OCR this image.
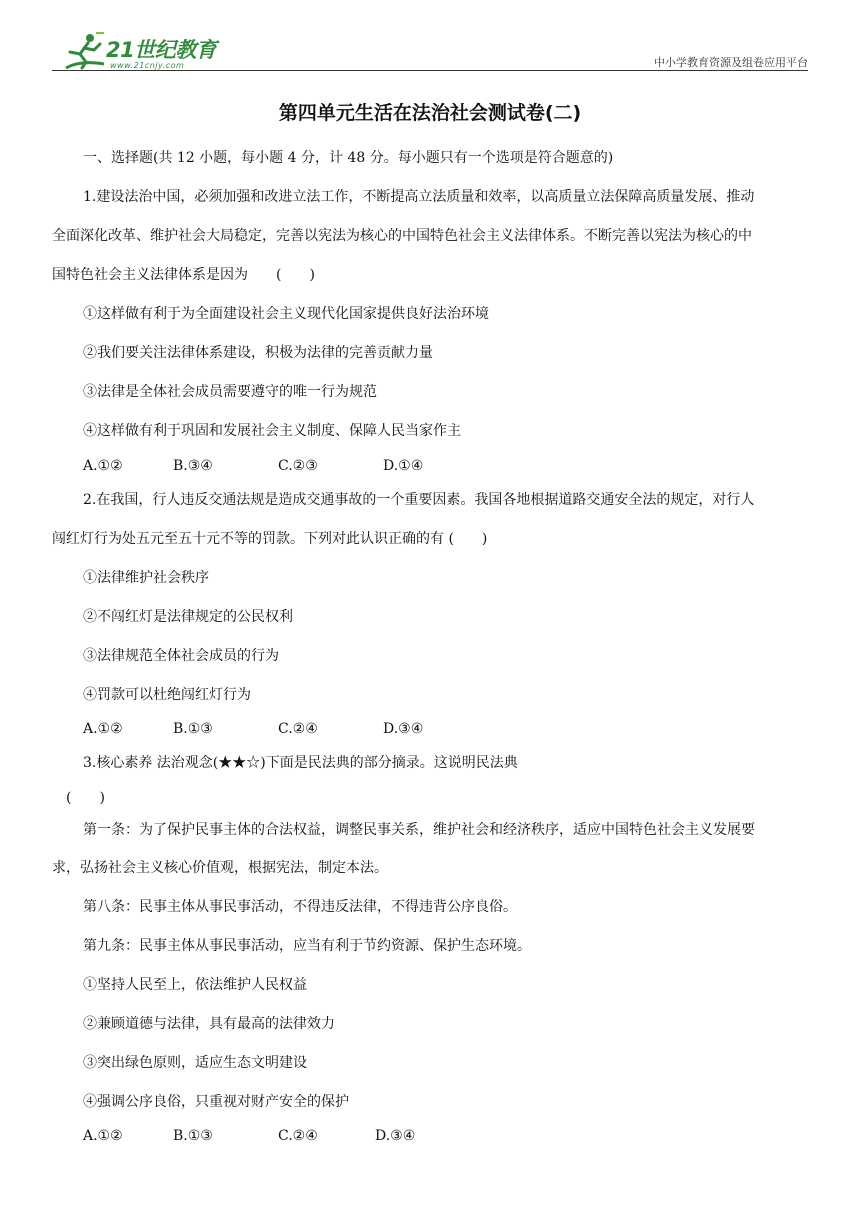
21世纪教育
www.21cnjy.com	中小学教育资源及组卷应用平台
第四单元生活在法治社会测试卷(二)
一、选择题(共 12 小题，每小题 4 分，计 48 分。每小题只有一个选项是符合题意的)
1.建设法治中国，必须加强和改进立法工作，不断提高立法质量和效率，以高质量立法保障高质量发展、推动
全面深化改革、维护社会大局稳定，完善以宪法为核心的中国特色社会主义法律体系。不断完善以宪法为核心的中
国特色社会主义法律体系是因为　　(　　)
①这样做有利于为全面建设社会主义现代化国家提供良好法治环境
②我们要关注法律体系建设，积极为法律的完善贡献力量
③法律是全体社会成员需要遵守的唯一行为规范
④这样做有利于巩固和发展社会主义制度、保障人民当家作主
A.①②	B.③④	C.②③	D.①④
2.在我国，行人违反交通法规是造成交通事故的一个重要因素。我国各地根据道路交通安全法的规定，对行人
闯红灯行为处五元至五十元不等的罚款。下列对此认识正确的有 (　　)
①法律维护社会秩序
②不闯红灯是法律规定的公民权利
③法律规范全体社会成员的行为
④罚款可以杜绝闯红灯行为
A.①②	B.①③	C.②④	D.③④
3.核心素养 法治观念(★★☆)下面是民法典的部分摘录。这说明民法典
(　　)
第一条：为了保护民事主体的合法权益，调整民事关系，维护社会和经济秩序，适应中国特色社会主义发展要
求，弘扬社会主义核心价值观，根据宪法，制定本法。
第八条：民事主体从事民事活动，不得违反法律，不得违背公序良俗。
第九条：民事主体从事民事活动，应当有利于节约资源、保护生态环境。
①坚持人民至上，依法维护人民权益
②兼顾道德与法律，具有最高的法律效力
③突出绿色原则，适应生态文明建设
④强调公序良俗，只重视对财产安全的保护
A.①②	B.①③	C.②④	D.③④
